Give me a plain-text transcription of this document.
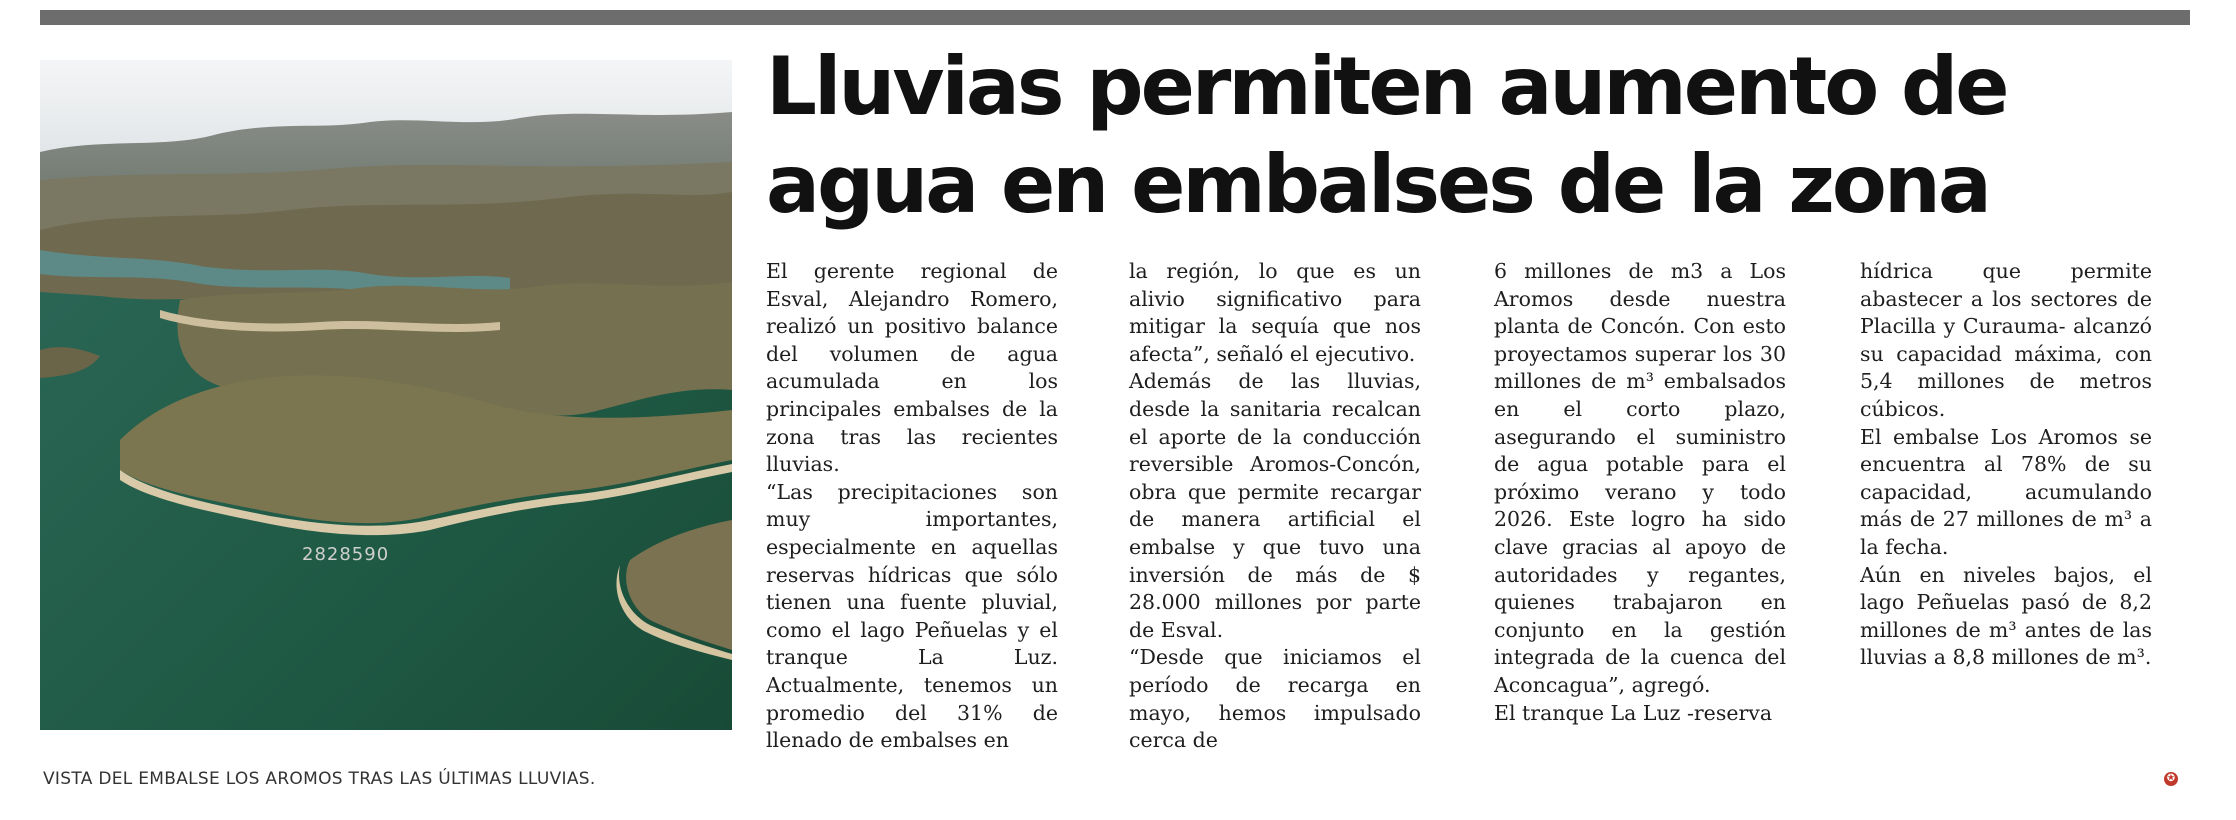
2828590
VISTA DEL EMBALSE LOS AROMOS TRAS LAS ÚLTIMAS LLUVIAS.
Lluvias permiten aumento de agua en embalses de la zona

El gerente regional de Esval, Alejandro Romero, realizó un positivo balance del volumen de agua acumulada en los principales embalses de la zona tras las recientes lluvias.

“Las precipitaciones son muy importantes, especialmente en aquellas reservas hídricas que sólo tienen una fuente pluvial, como el lago Peñuelas y el tranque La Luz. Actualmente, tenemos un promedio del 31% de llenado de embalses en

la región, lo que es un alivio significativo para mitigar la sequía que nos afecta”, señaló el ejecutivo.

Además de las lluvias, desde la sanitaria recalcan el aporte de la conducción reversible Aromos-Concón, obra que permite recargar de manera artificial el embalse y que tuvo una inversión de más de $ 28.000 millones por parte de Esval.

“Desde que iniciamos el período de recarga en mayo, hemos impulsado cerca de

6 millones de m3 a Los Aromos desde nuestra planta de Concón. Con esto proyectamos superar los 30 millones de m³ embalsados en el corto plazo, asegurando el suministro de agua potable para el próximo verano y todo 2026. Este logro ha sido clave gracias al apoyo de autoridades y regantes, quienes trabajaron en conjunto en la gestión integrada de la cuenca del Aconcagua”, agregó.

El tranque La Luz -reserva

hídrica que permite abastecer a los sectores de Placilla y Curauma- alcanzó su capacidad máxima, con 5,4 millones de metros cúbicos.

El embalse Los Aromos se encuentra al 78% de su capacidad, acumulando más de 27 millones de m³ a la fecha.

Aún en niveles bajos, el lago Peñuelas pasó de 8,2 millones de m³ antes de las lluvias a 8,8 millones de m³.

✪
